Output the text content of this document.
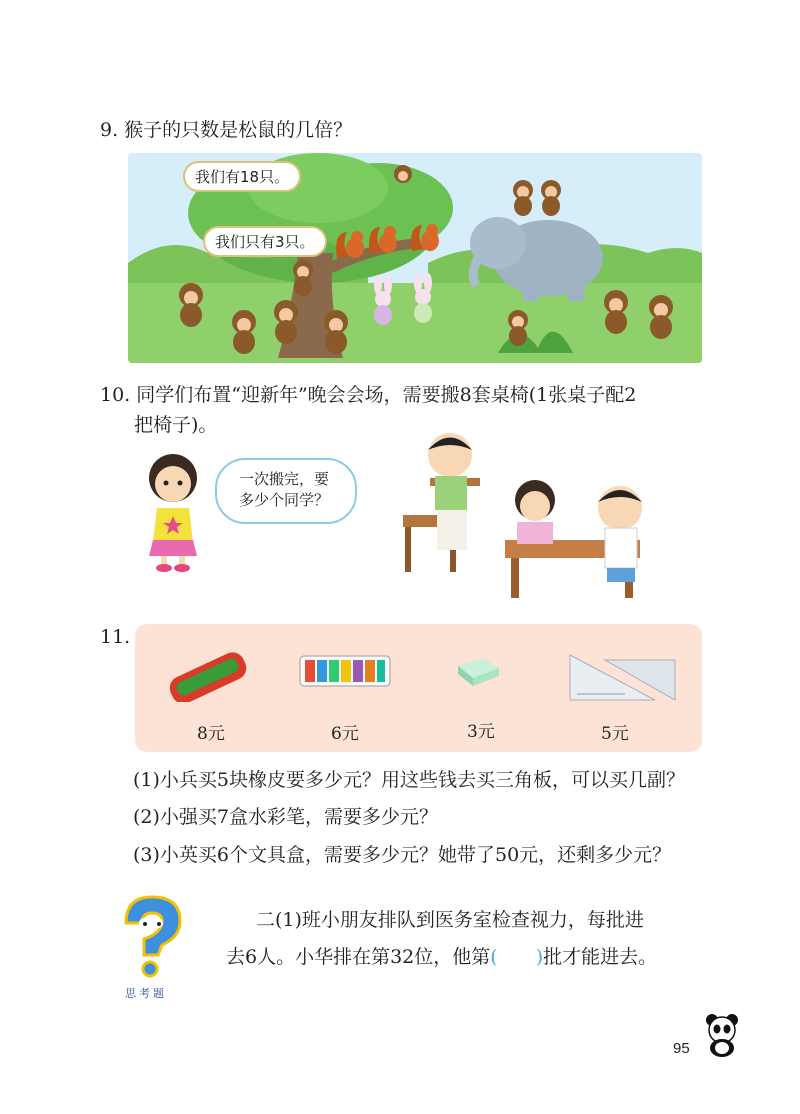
9. 猴子的只数是松鼠的几倍？
我们有18只。
我们只有3只。
10. 同学们布置“迎新年”晚会会场，需要搬8套桌椅(1张桌子配2
把椅子)。
一次搬完，要
多少个同学？
11.
8元	6元	3元	5元
(1)小兵买5块橡皮要多少元？用这些钱去买三角板，可以买几副？
(2)小强买7盒水彩笔，需要多少元？
(3)小英买6个文具盒，需要多少元？她带了50元，还剩多少元？
思考题
二(1)班小朋友排队到医务室检查视力，每批进
去6人。小华排在第32位，他第(　　)批才能进去。
95
